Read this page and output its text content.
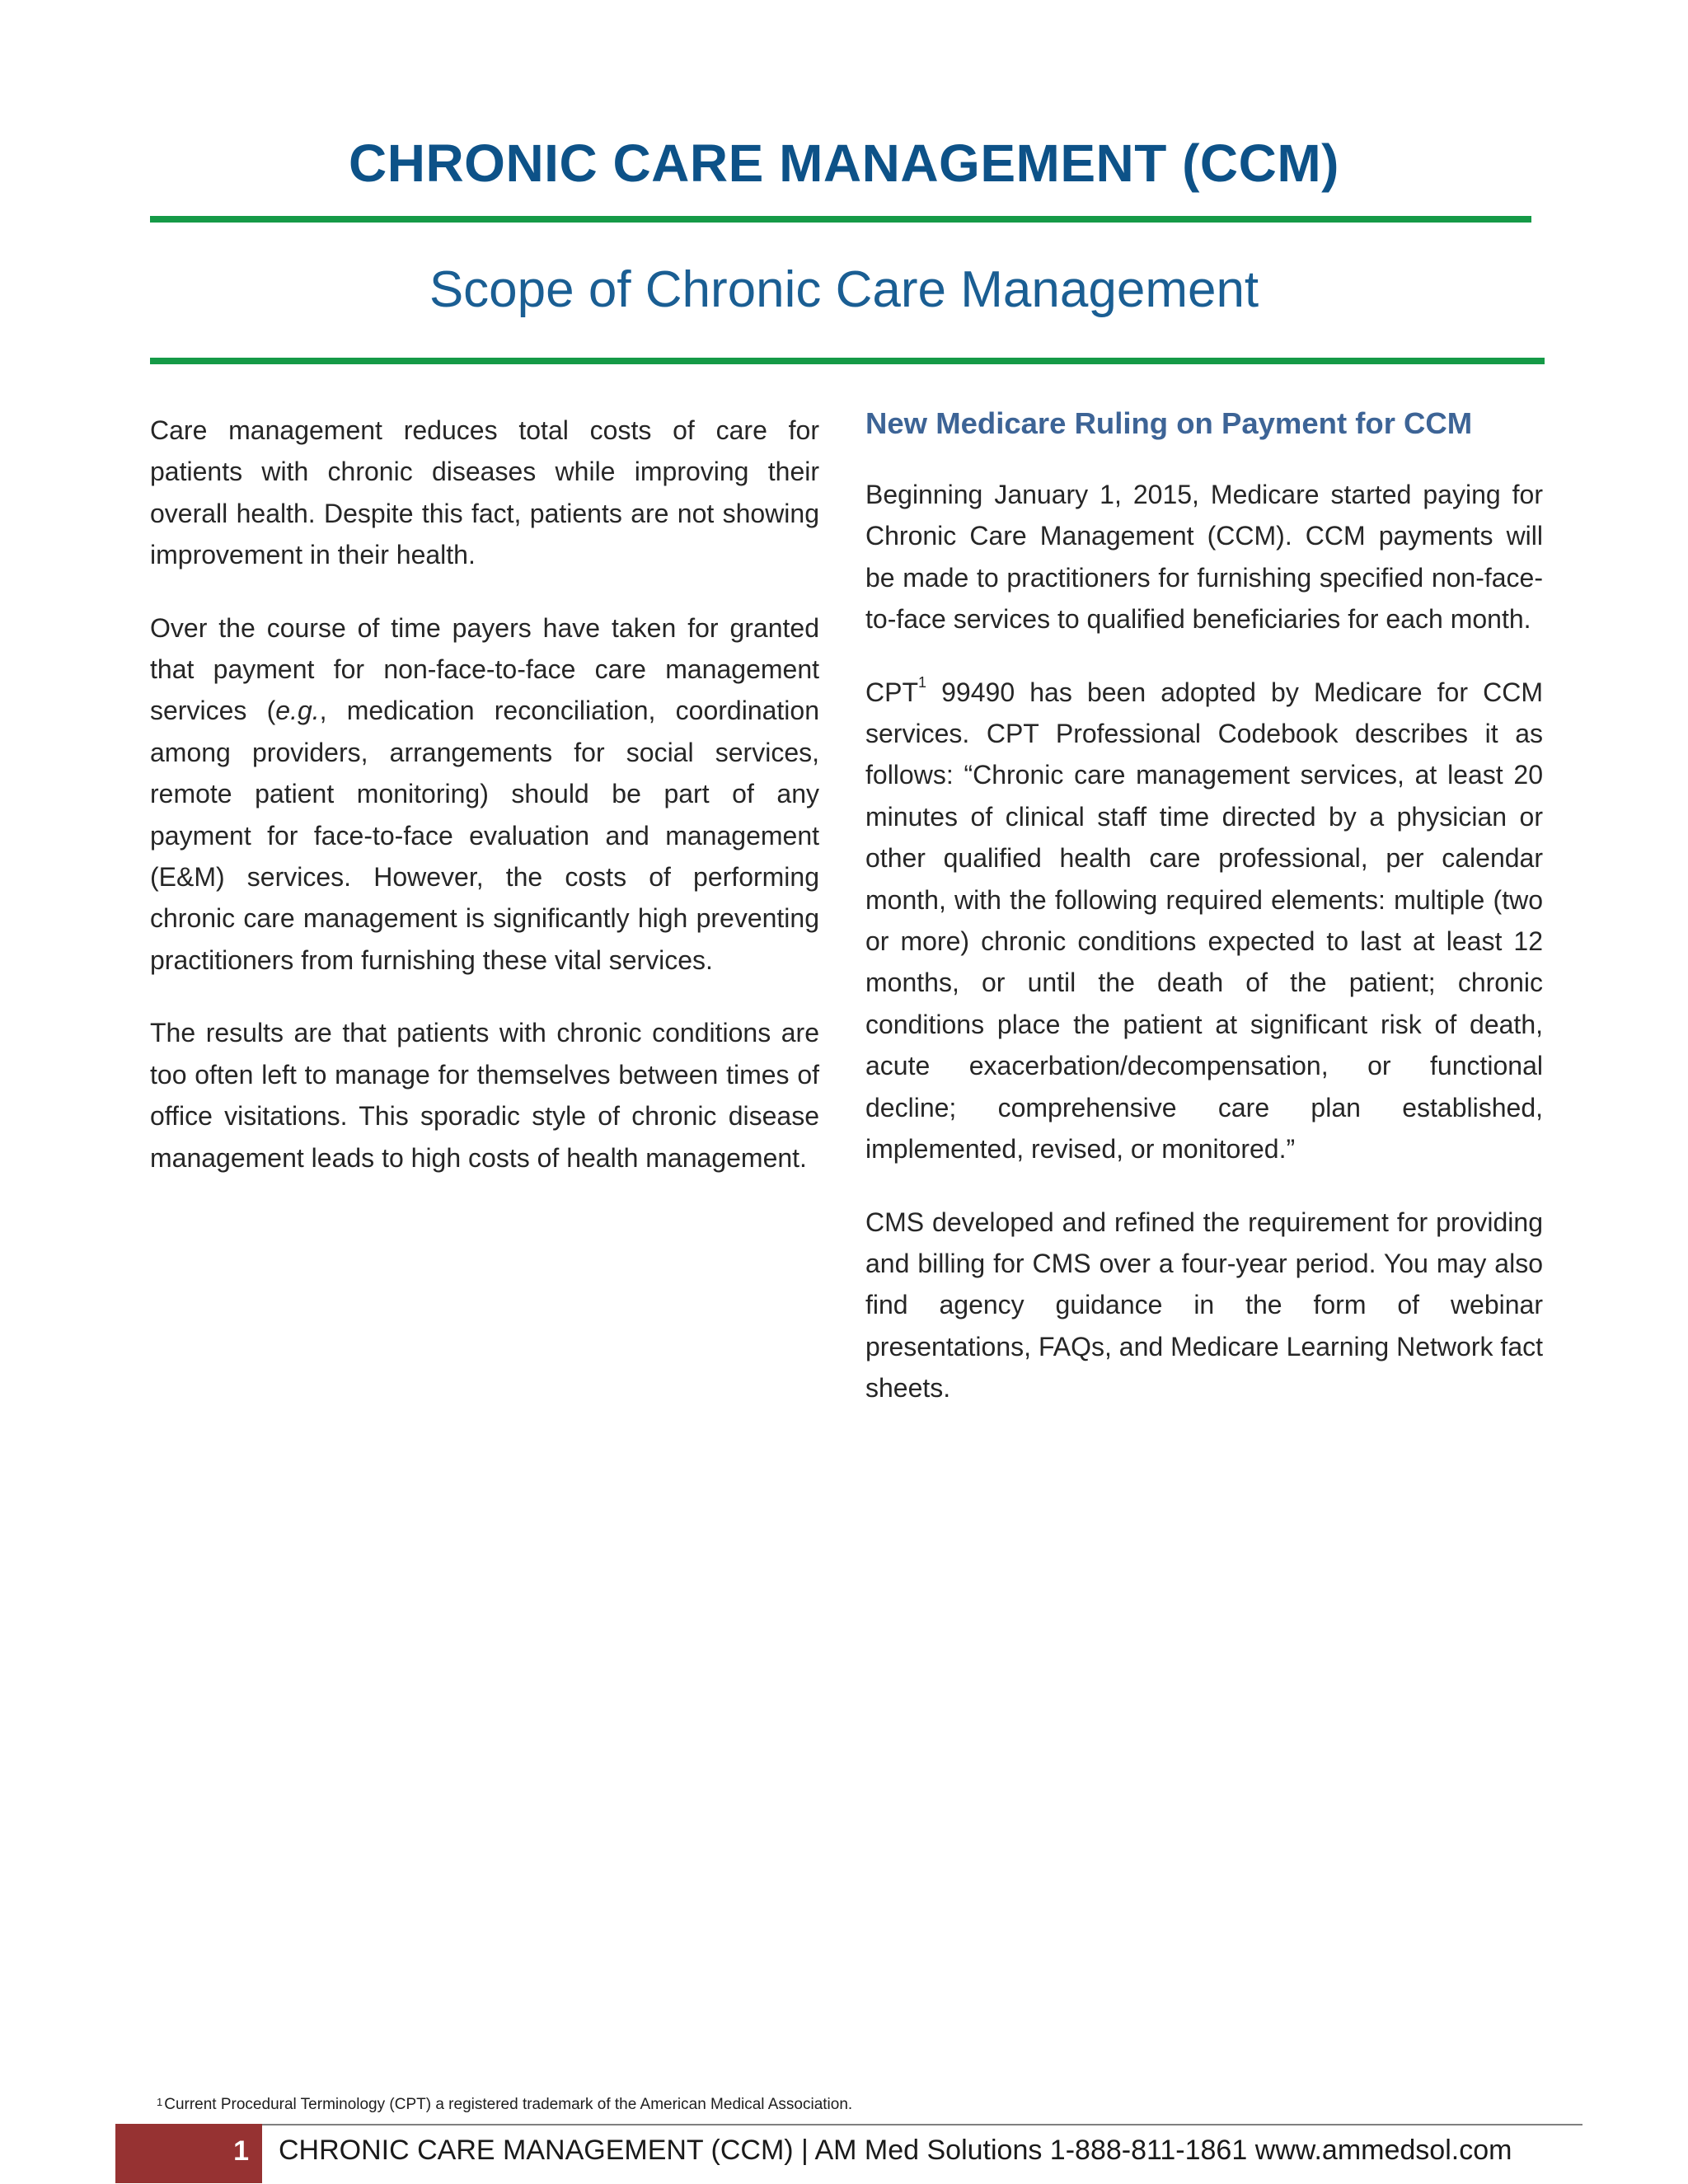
CHRONIC CARE MANAGEMENT (CCM)
Scope of Chronic Care Management

Care management reduces total costs of care for patients with chronic diseases while improving their overall health. Despite this fact, patients are not showing improvement in their health.

Over the course of time payers have taken for granted that payment for non-face-to-face care management services (e.g., medication reconciliation, coordination among providers, arrangements for social services, remote patient monitoring) should be part of any payment for face-to-face evaluation and management (E&M) services. However, the costs of performing chronic care management is significantly high preventing practitioners from furnishing these vital services.

The results are that patients with chronic conditions are too often left to manage for themselves between times of office visitations. This sporadic style of chronic disease management leads to high costs of health management.

New Medicare Ruling on Payment for CCM

Beginning January 1, 2015, Medicare started paying for Chronic Care Management (CCM). CCM payments will be made to practitioners for furnishing specified non-face-to-face services to qualified beneficiaries for each month.

CPT$^1$ 99490 has been adopted by Medicare for CCM services. CPT Professional Codebook describes it as follows: “Chronic care management services, at least 20 minutes of clinical staff time directed by a physician or other qualified health care professional, per calendar month, with the following required elements: multiple (two or more) chronic conditions expected to last at least 12 months, or until the death of the patient; chronic conditions place the patient at significant risk of death, acute exacerbation/decompensation, or functional decline; comprehensive care plan established, implemented, revised, or monitored.”

CMS developed and refined the requirement for providing and billing for CMS over a four-year period. You may also find agency guidance in the form of webinar presentations, FAQs, and Medicare Learning Network fact sheets.

$^1$ Current Procedural Terminology (CPT) a registered trademark of the American Medical Association.
1 CHRONIC CARE MANAGEMENT (CCM) | AM Med Solutions 1-888-811-1861 www.ammedsol.com
